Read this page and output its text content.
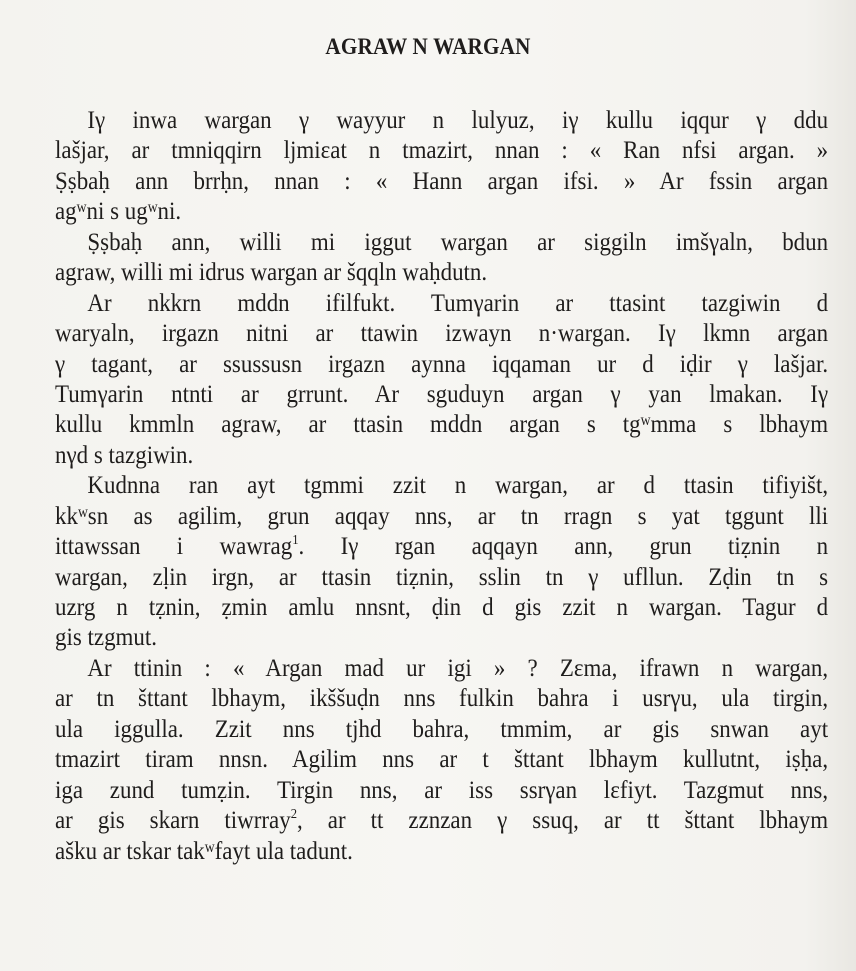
AGRAW N WARGAN
Iγ inwa wargan γ wayyur n lulyuz, iγ kullu iqqur γ ddu
lašjar, ar tmniqqirn ljmiεat n tmazirt, nnan : « Ran nfsi argan. »
Ṣṣbaḥ ann brrḥn, nnan : « Hann argan ifsi. » Ar fssin argan
agʷni s ugʷni.
Ṣṣbaḥ ann, willi mi iggut wargan ar siggiln imšγaln, bdun
agraw, willi mi idrus wargan ar šqqln waḥdutn.
Ar nkkrn mddn ifilfukt. Tumγarin ar ttasint tazgiwin d
waryaln, irgazn nitni ar ttawin izwayn n·wargan. Iγ lkmn argan
γ tagant, ar ssussusn irgazn aynna iqqaman ur d iḍir γ lašjar.
Tumγarin ntnti ar grrunt. Ar sguduyn argan γ yan lmakan. Iγ
kullu kmmln agraw, ar ttasin mddn argan s tgʷmma s lbhaym
nγd s tazgiwin.
Kudnna ran ayt tgmmi zzit n wargan, ar d ttasin tifiyišt,
kkʷsn as agilim, grun aqqay nns, ar tn rragn s yat tggunt lli
ittawssan i wawrag$^1$. Iγ rgan aqqayn ann, grun tiẓnin n
wargan, zḷin irgn, ar ttasin tiẓnin, sslin tn γ ufllun. Zḍin tn s
uzrg n tẓnin, ẓmin amlu nnsnt, ḍin d gis zzit n wargan. Tagur d
gis tzgmut.
Ar ttinin : « Argan mad ur igi » ? Zεma, ifrawn n wargan,
ar tn šttant lbhaym, ikššuḍn nns fulkin bahra i usrγu, ula tirgin,
ula iggulla. Zzit nns tjhd bahra, tmmim, ar gis snwan ayt
tmazirt tiram nnsn. Agilim nns ar t šttant lbhaym kullutnt, iṣḥa,
iga zund tumẓin. Tirgin nns, ar iss ssrγan lεfiyt. Tazgmut nns,
ar gis skarn tiwrray$^2$, ar tt zznzan γ ssuq, ar tt šttant lbhaym
ašku ar tskar takʷfayt ula tadunt.
